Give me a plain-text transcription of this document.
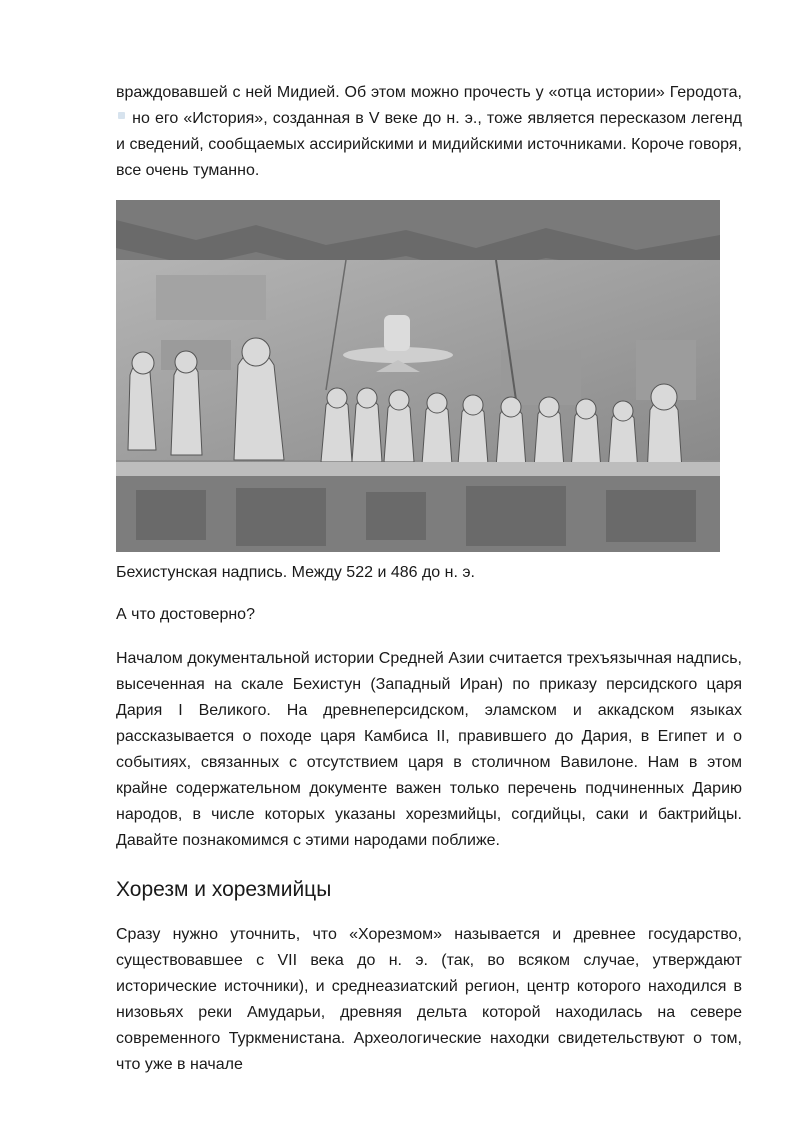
враждовавшей с ней Мидией. Об этом можно прочесть у «отца истории» Геродота, но его «История», созданная в V веке до н. э., тоже является пересказом легенд и сведений, сообщаемых ассирийскими и мидийскими источниками. Короче говоря, все очень туманно.

Бехистунская надпись. Между 522 и 486 до н. э.

А что достоверно?

Началом документальной истории Средней Азии считается трехъязычная надпись, высеченная на скале Бехистун (Западный Иран) по приказу персидского царя Дария I Великого. На древнеперсидском, эламском и аккадском языках рассказывается о походе царя Камбиса II, правившего до Дария, в Египет и о событиях, связанных с отсутствием царя в столичном Вавилоне. Нам в этом крайне содержательном документе важен только перечень подчиненных Дарию народов, в числе которых указаны хорезмийцы, согдийцы, саки и бактрийцы. Давайте познакомимся с этими народами поближе.

Хорезм и хорезмийцы

Сразу нужно уточнить, что «Хорезмом» называется и древнее государство, существовавшее с VII века до н. э. (так, во всяком случае, утверждают исторические источники), и среднеазиатский регион, центр которого находился в низовьях реки Амударьи, древняя дельта которой находилась на севере современного Туркменистана. Археологические находки свидетельствуют о том, что уже в начале
